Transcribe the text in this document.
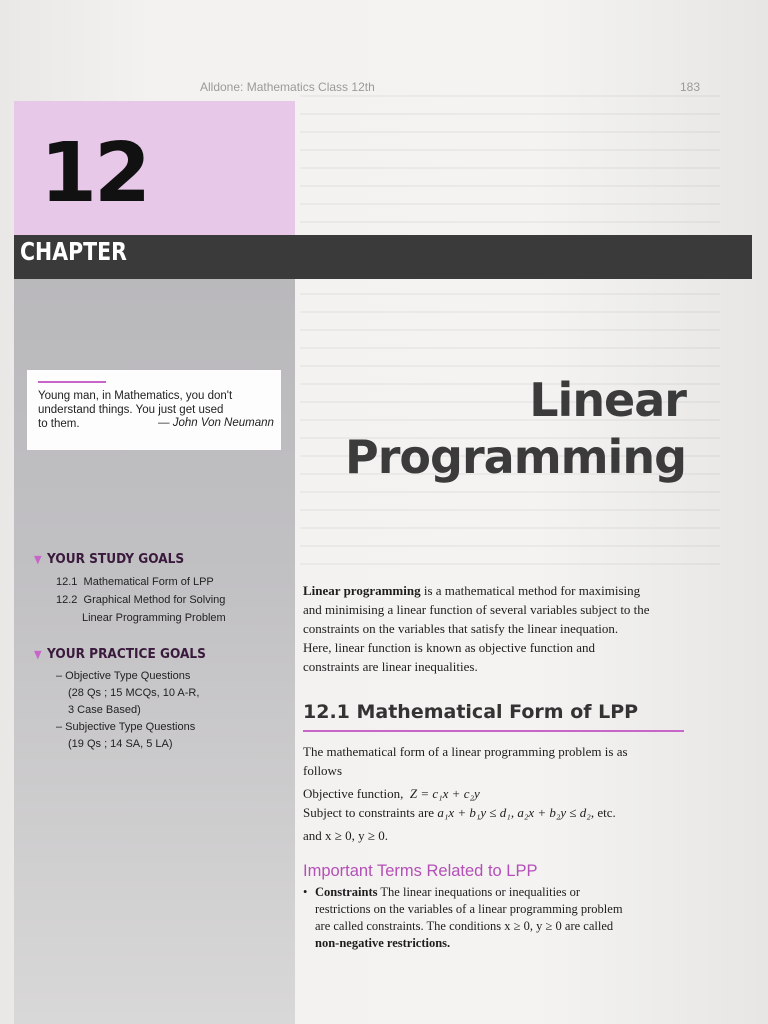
Alldone: Mathematics Class 12th	183
12
CHAPTER
Young man, in Mathematics, you don't
understand things. You just get used
to them.	— John Von Neumann	Linear
Programming
▼ YOUR STUDY GOALS
12.1 Mathematical Form of LPP
12.2 Graphical Method for Solving
Linear Programming Problem
▼ YOUR PRACTICE GOALS
– Objective Type Questions
(28 Qs ; 15 MCQs, 10 A-R,
3 Case Based)
– Subjective Type Questions
(19 Qs ; 14 SA, 5 LA)
Linear programming is a mathematical method for maximising
and minimising a linear function of several variables subject to the
constraints on the variables that satisfy the linear inequation.
Here, linear function is known as objective function and
constraints are linear inequalities.
12.1 Mathematical Form of LPP
The mathematical form of a linear programming problem is as
follows
Objective function, Z = c₁x + c₂y
Subject to constraints are a₁x + b₁y ≤ d₁, a₂x + b₂y ≤ d₂, etc.
and x ≥ 0, y ≥ 0.
Important Terms Related to LPP
• Constraints The linear inequations or inequalities or
restrictions on the variables of a linear programming problem
are called constraints. The conditions x ≥ 0, y ≥ 0 are called
non-negative restrictions.
